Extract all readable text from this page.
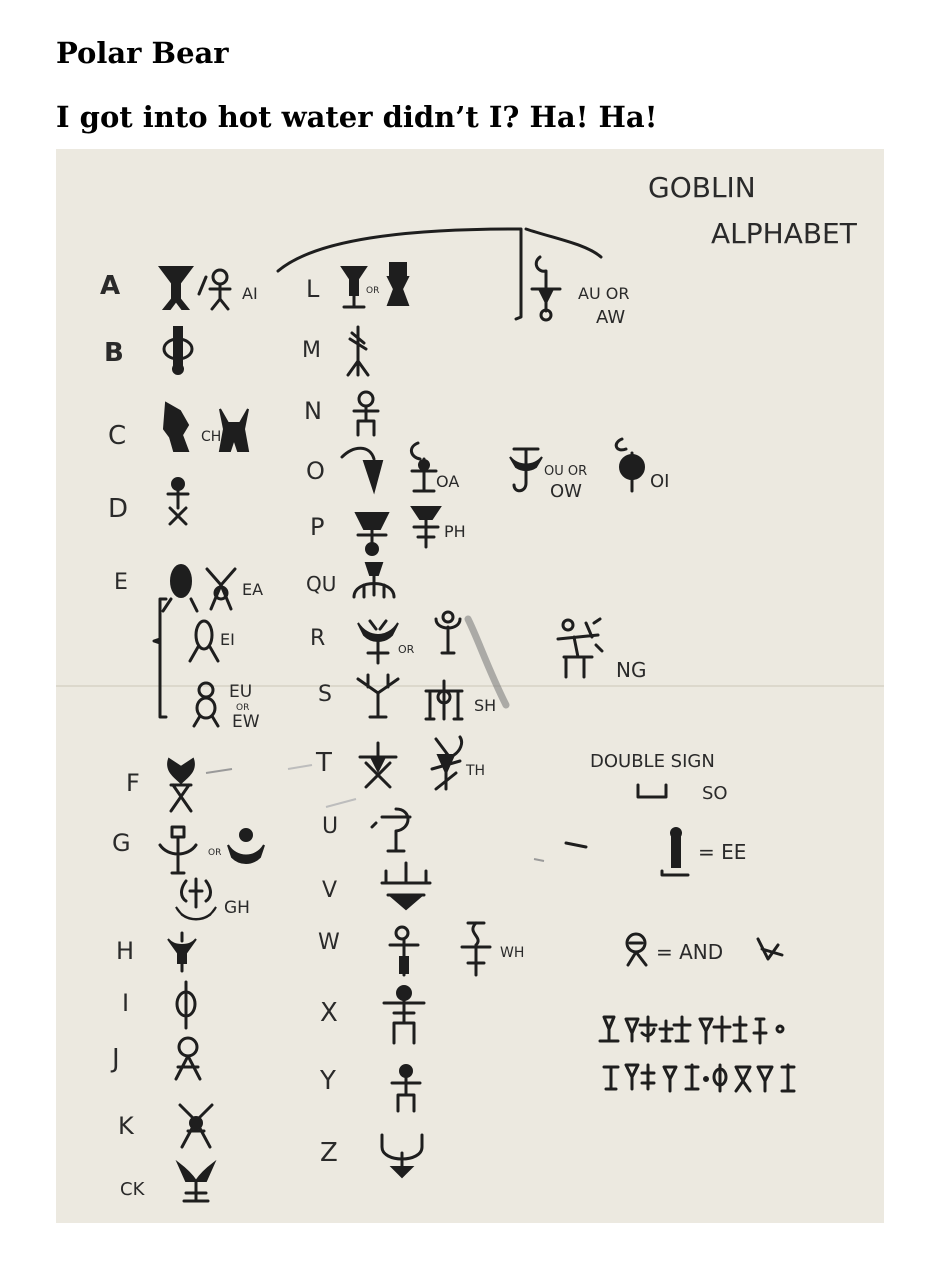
Polar Bear
I got into hot water didn’t I? Ha! Ha!
GOBLIN
ALPHABET
A
B
C
D
E
F
G
H
I
J
K
CK
AI
CH
EA
EI
EU
OR
EW
OR
GH
L
M
N
O
P
QU
R
S
T
U
V
W
X
Y
Z
OR
OA
PH
OR
SH
TH
WH
AU OR
AW
OU OR
OW	OI
NG
DOUBLE SIGN
SO
= EE
= AND
